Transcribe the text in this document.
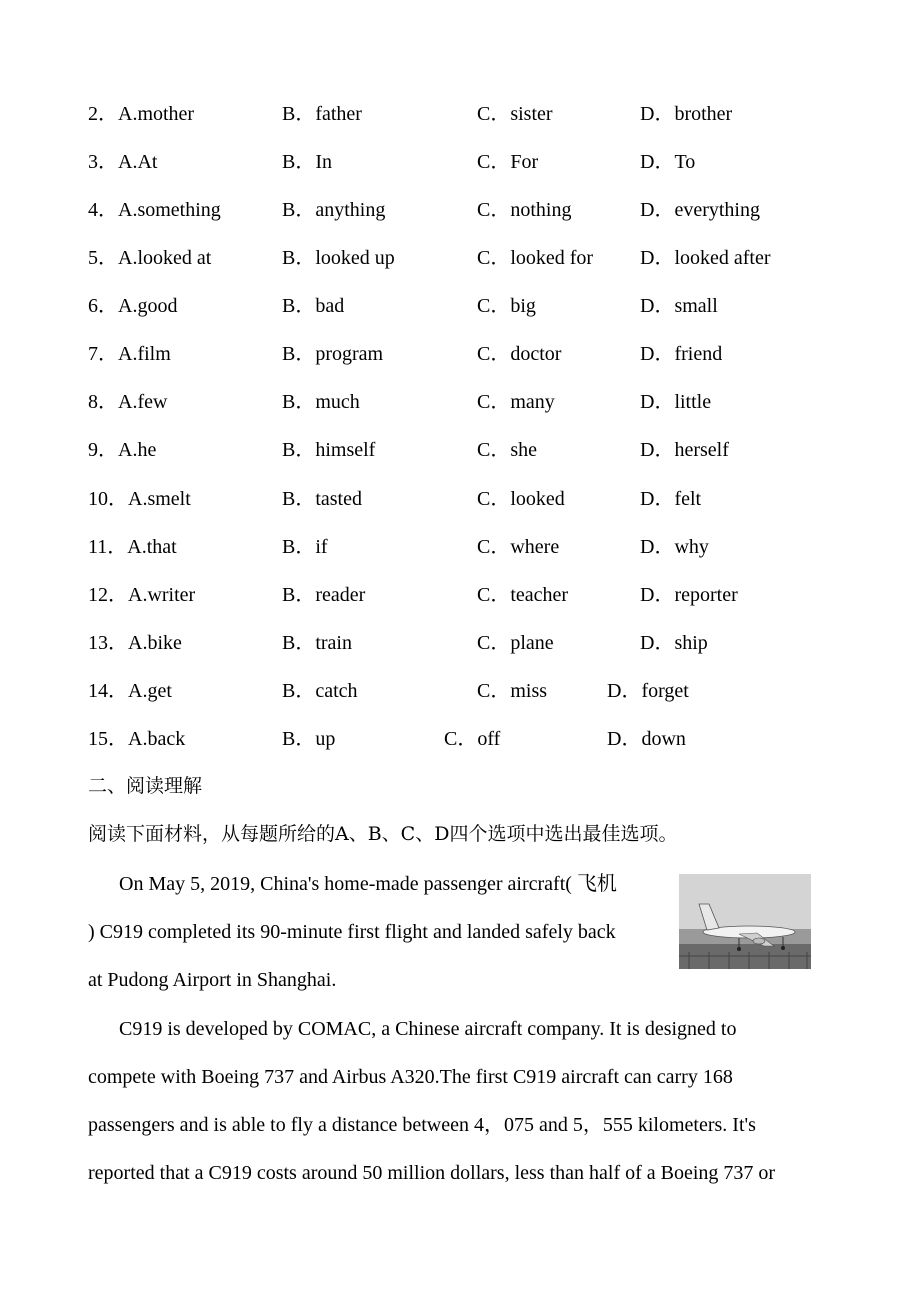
2．A.mother	B．father	C．sister	D．brother
3．A.At	B．In	C．For	D．To
4．A.something	B．anything	C．nothing	D．everything
5．A.looked at	B．looked up	C．looked for D．looked after
6．A.good	B．bad	C．big	D．small
7．A.film	B．program	C．doctor	D．friend
8．A.few	B．much	C．many	D．little
9．A.he	B．himself	C．she	D．herself
10．A.smelt	B．tasted	C．looked	D．felt
11．A.that	B．if	C．where	D．why
12．A.writer	B．reader	C．teacher	D．reporter
13．A.bike	B．train	C．plane	D．ship
14．A.get	B．catch	C．miss	D．forget
15．A.back	B．up	C．off	D．down
二、阅读理解
阅读下面材料，从每题所给的A、B、C、D四个选项中选出最佳选项。
On May 5, 2019, China's home-made passenger aircraft( 飞机
) C919 completed its 90-minute first flight and landed safely back
at Pudong Airport in Shanghai.
C919 is developed by COMAC, a Chinese aircraft company. It is designed to
compete with Boeing 737 and Airbus A320.The first C919 aircraft can carry 168
passengers and is able to fly a distance between 4，075 and 5，555 kilometers. It's
reported that a C919 costs around 50 million dollars, less than half of a Boeing 737 or
